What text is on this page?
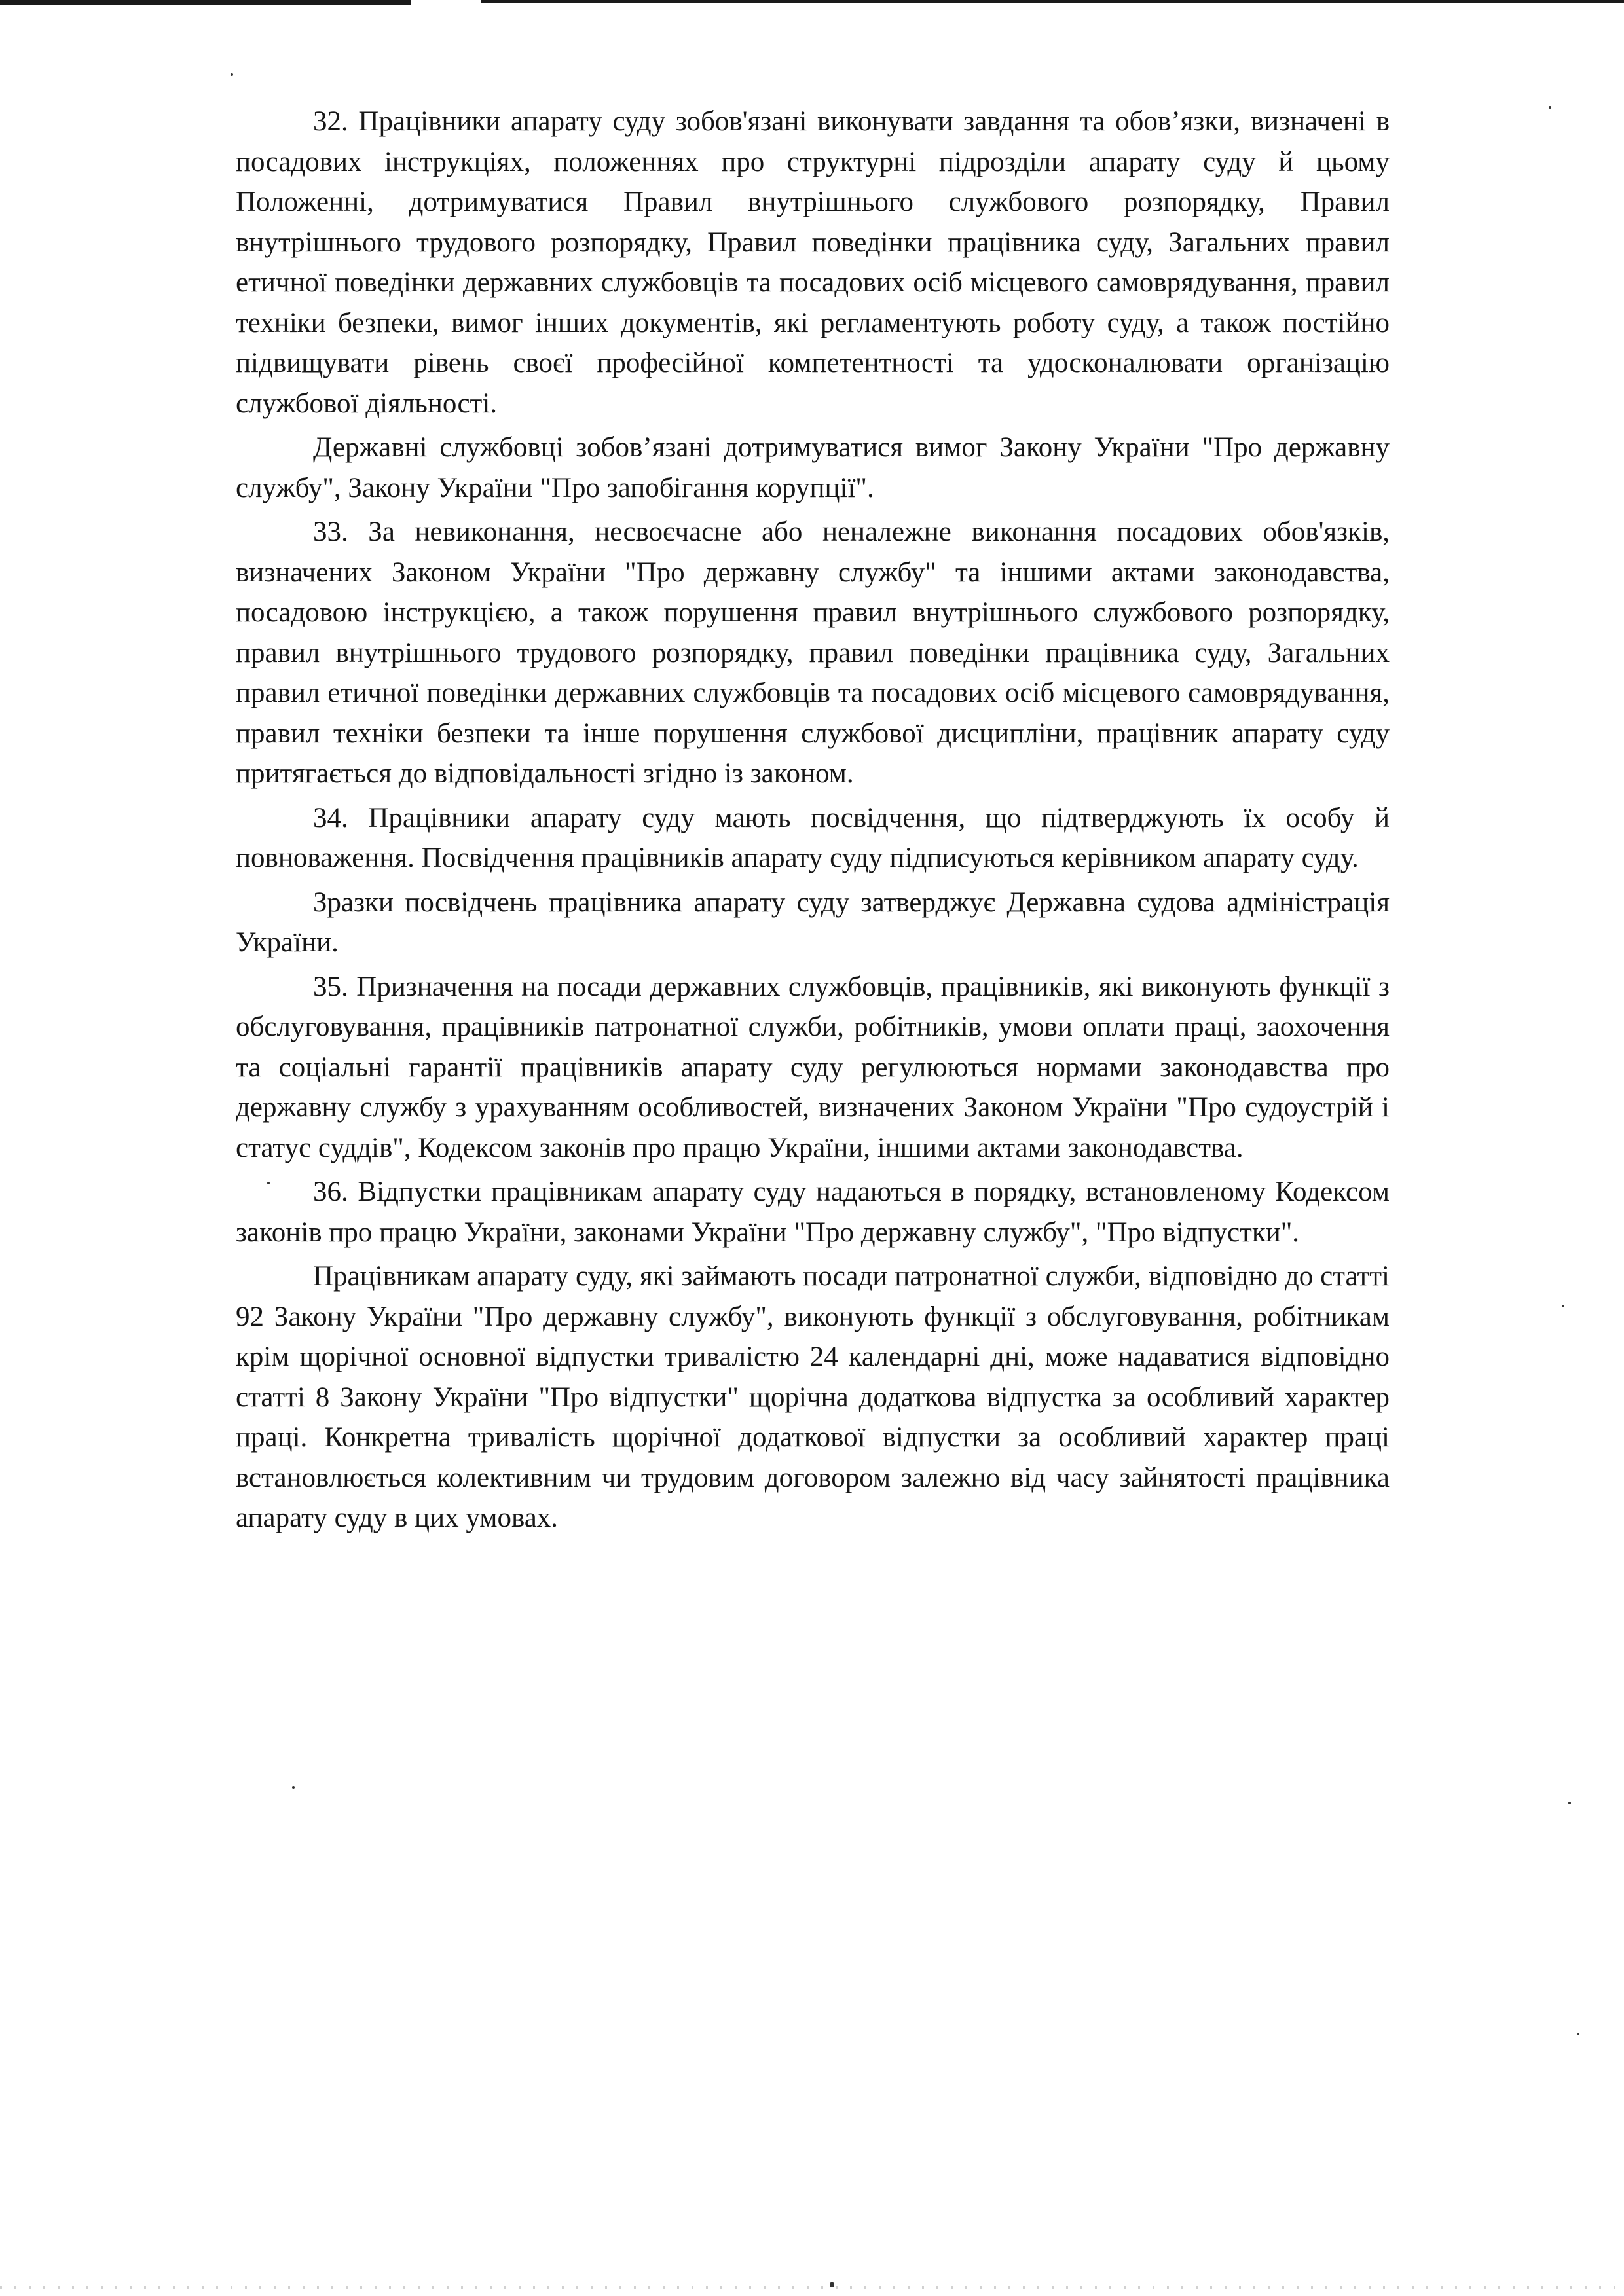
32. Працівники апарату суду зобов'язані виконувати завдання та обов’язки, визначені в посадових інструкціях, положеннях про структурні підрозділи апарату суду й цьому Положенні, дотримуватися Правил внутрішнього службового розпорядку, Правил внутрішнього трудового розпорядку, Правил поведінки працівника суду, Загальних правил етичної поведінки державних службовців та посадових осіб місцевого самоврядування, правил техніки безпеки, вимог інших документів, які регламентують роботу суду, а також постійно підвищувати рівень своєї професійної компетентності та удосконалювати організацію службової діяльності.

Державні службовці зобов’язані дотримуватися вимог Закону України "Про державну службу", Закону України "Про запобігання корупції".

33. За невиконання, несвоєчасне або неналежне виконання посадових обов'язків, визначених Законом України "Про державну службу" та іншими актами законодавства, посадовою інструкцією, а також порушення правил внутрішнього службового розпорядку, правил внутрішнього трудового розпорядку, правил поведінки працівника суду, Загальних правил етичної поведінки державних службовців та посадових осіб місцевого самоврядування, правил техніки безпеки та інше порушення службової дисципліни, працівник апарату суду притягається до відповідальності згідно із законом.

34. Працівники апарату суду мають посвідчення, що підтверджують їх особу й повноваження. Посвідчення працівників апарату суду підписуються керівником апарату суду.

Зразки посвідчень працівника апарату суду затверджує Державна судова адміністрація України.

35. Призначення на посади державних службовців, працівників, які виконують функції з обслуговування, працівників патронатної служби, робітників, умови оплати праці, заохочення та соціальні гарантії працівників апарату суду регулюються нормами законодавства про державну службу з урахуванням особливостей, визначених Законом України "Про судоустрій і статус суддів", Кодексом законів про працю України, іншими актами законодавства.

36. Відпустки працівникам апарату суду надаються в порядку, встановленому Кодексом законів про працю України, законами України "Про державну службу", "Про відпустки".

Працівникам апарату суду, які займають посади патронатної служби, відповідно до статті 92 Закону України "Про державну службу", виконують функції з обслуговування, робітникам крім щорічної основної відпустки тривалістю 24 календарні дні, може надаватися відповідно статті 8 Закону України "Про відпустки" щорічна додаткова відпустка за особливий характер праці. Конкретна тривалість щорічної додаткової відпустки за особливий характер праці встановлюється колективним чи трудовим договором залежно від часу зайнятості працівника апарату суду в цих умовах.
